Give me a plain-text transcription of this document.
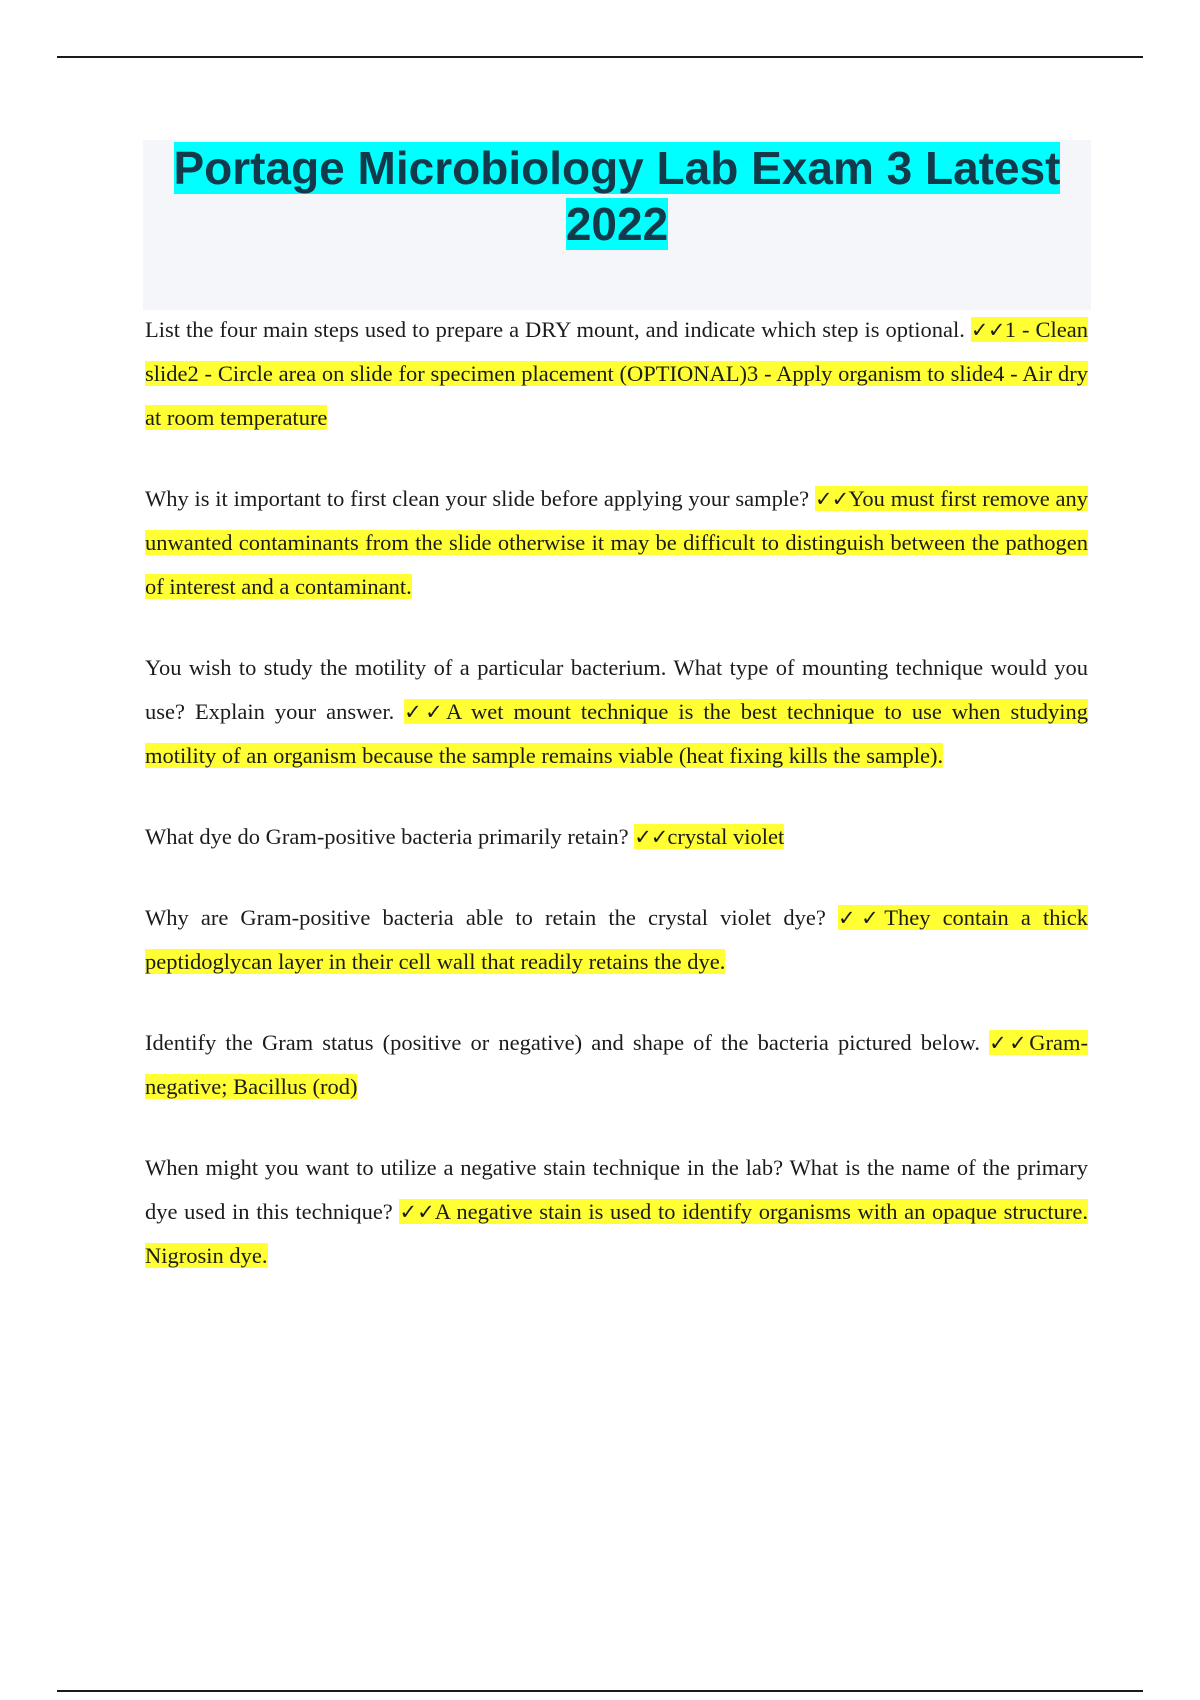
Portage Microbiology Lab Exam 3 Latest 2022

List the four main steps used to prepare a DRY mount, and indicate which step is optional. ✓✓1 - Clean slide2 - Circle area on slide for specimen placement (OPTIONAL)3 - Apply organism to slide4 - Air dry at room temperature

Why is it important to first clean your slide before applying your sample? ✓✓You must first remove any unwanted contaminants from the slide otherwise it may be difficult to distinguish between the pathogen of interest and a contaminant.

You wish to study the motility of a particular bacterium. What type of mounting technique would you use? Explain your answer. ✓✓A wet mount technique is the best technique to use when studying motility of an organism because the sample remains viable (heat fixing kills the sample).

What dye do Gram-positive bacteria primarily retain? ✓✓crystal violet

Why are Gram-positive bacteria able to retain the crystal violet dye? ✓✓They contain a thick peptidoglycan layer in their cell wall that readily retains the dye.

Identify the Gram status (positive or negative) and shape of the bacteria pictured below. ✓✓Gram-negative; Bacillus (rod)

When might you want to utilize a negative stain technique in the lab? What is the name of the primary dye used in this technique? ✓✓A negative stain is used to identify organisms with an opaque structure. Nigrosin dye.
